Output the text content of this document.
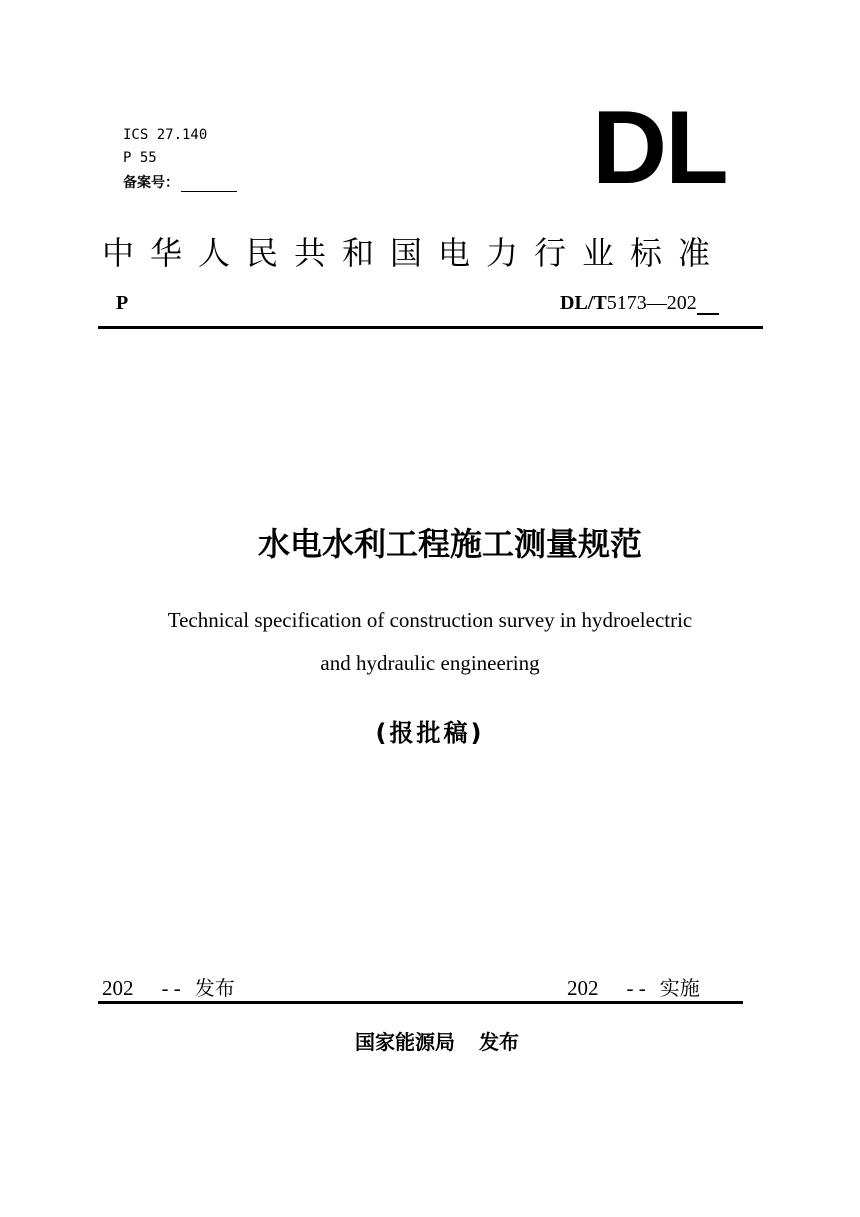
ICS 27.140
P 55
备案号：	DL
中华人民共和国电力行业标准
P	DL/T5173—202
水电水利工程施工测量规范
Technical specification of construction survey in hydroelectric
and hydraulic engineering
(报批稿)
202 - - 发布	202 - - 实施
国家能源局 发布
